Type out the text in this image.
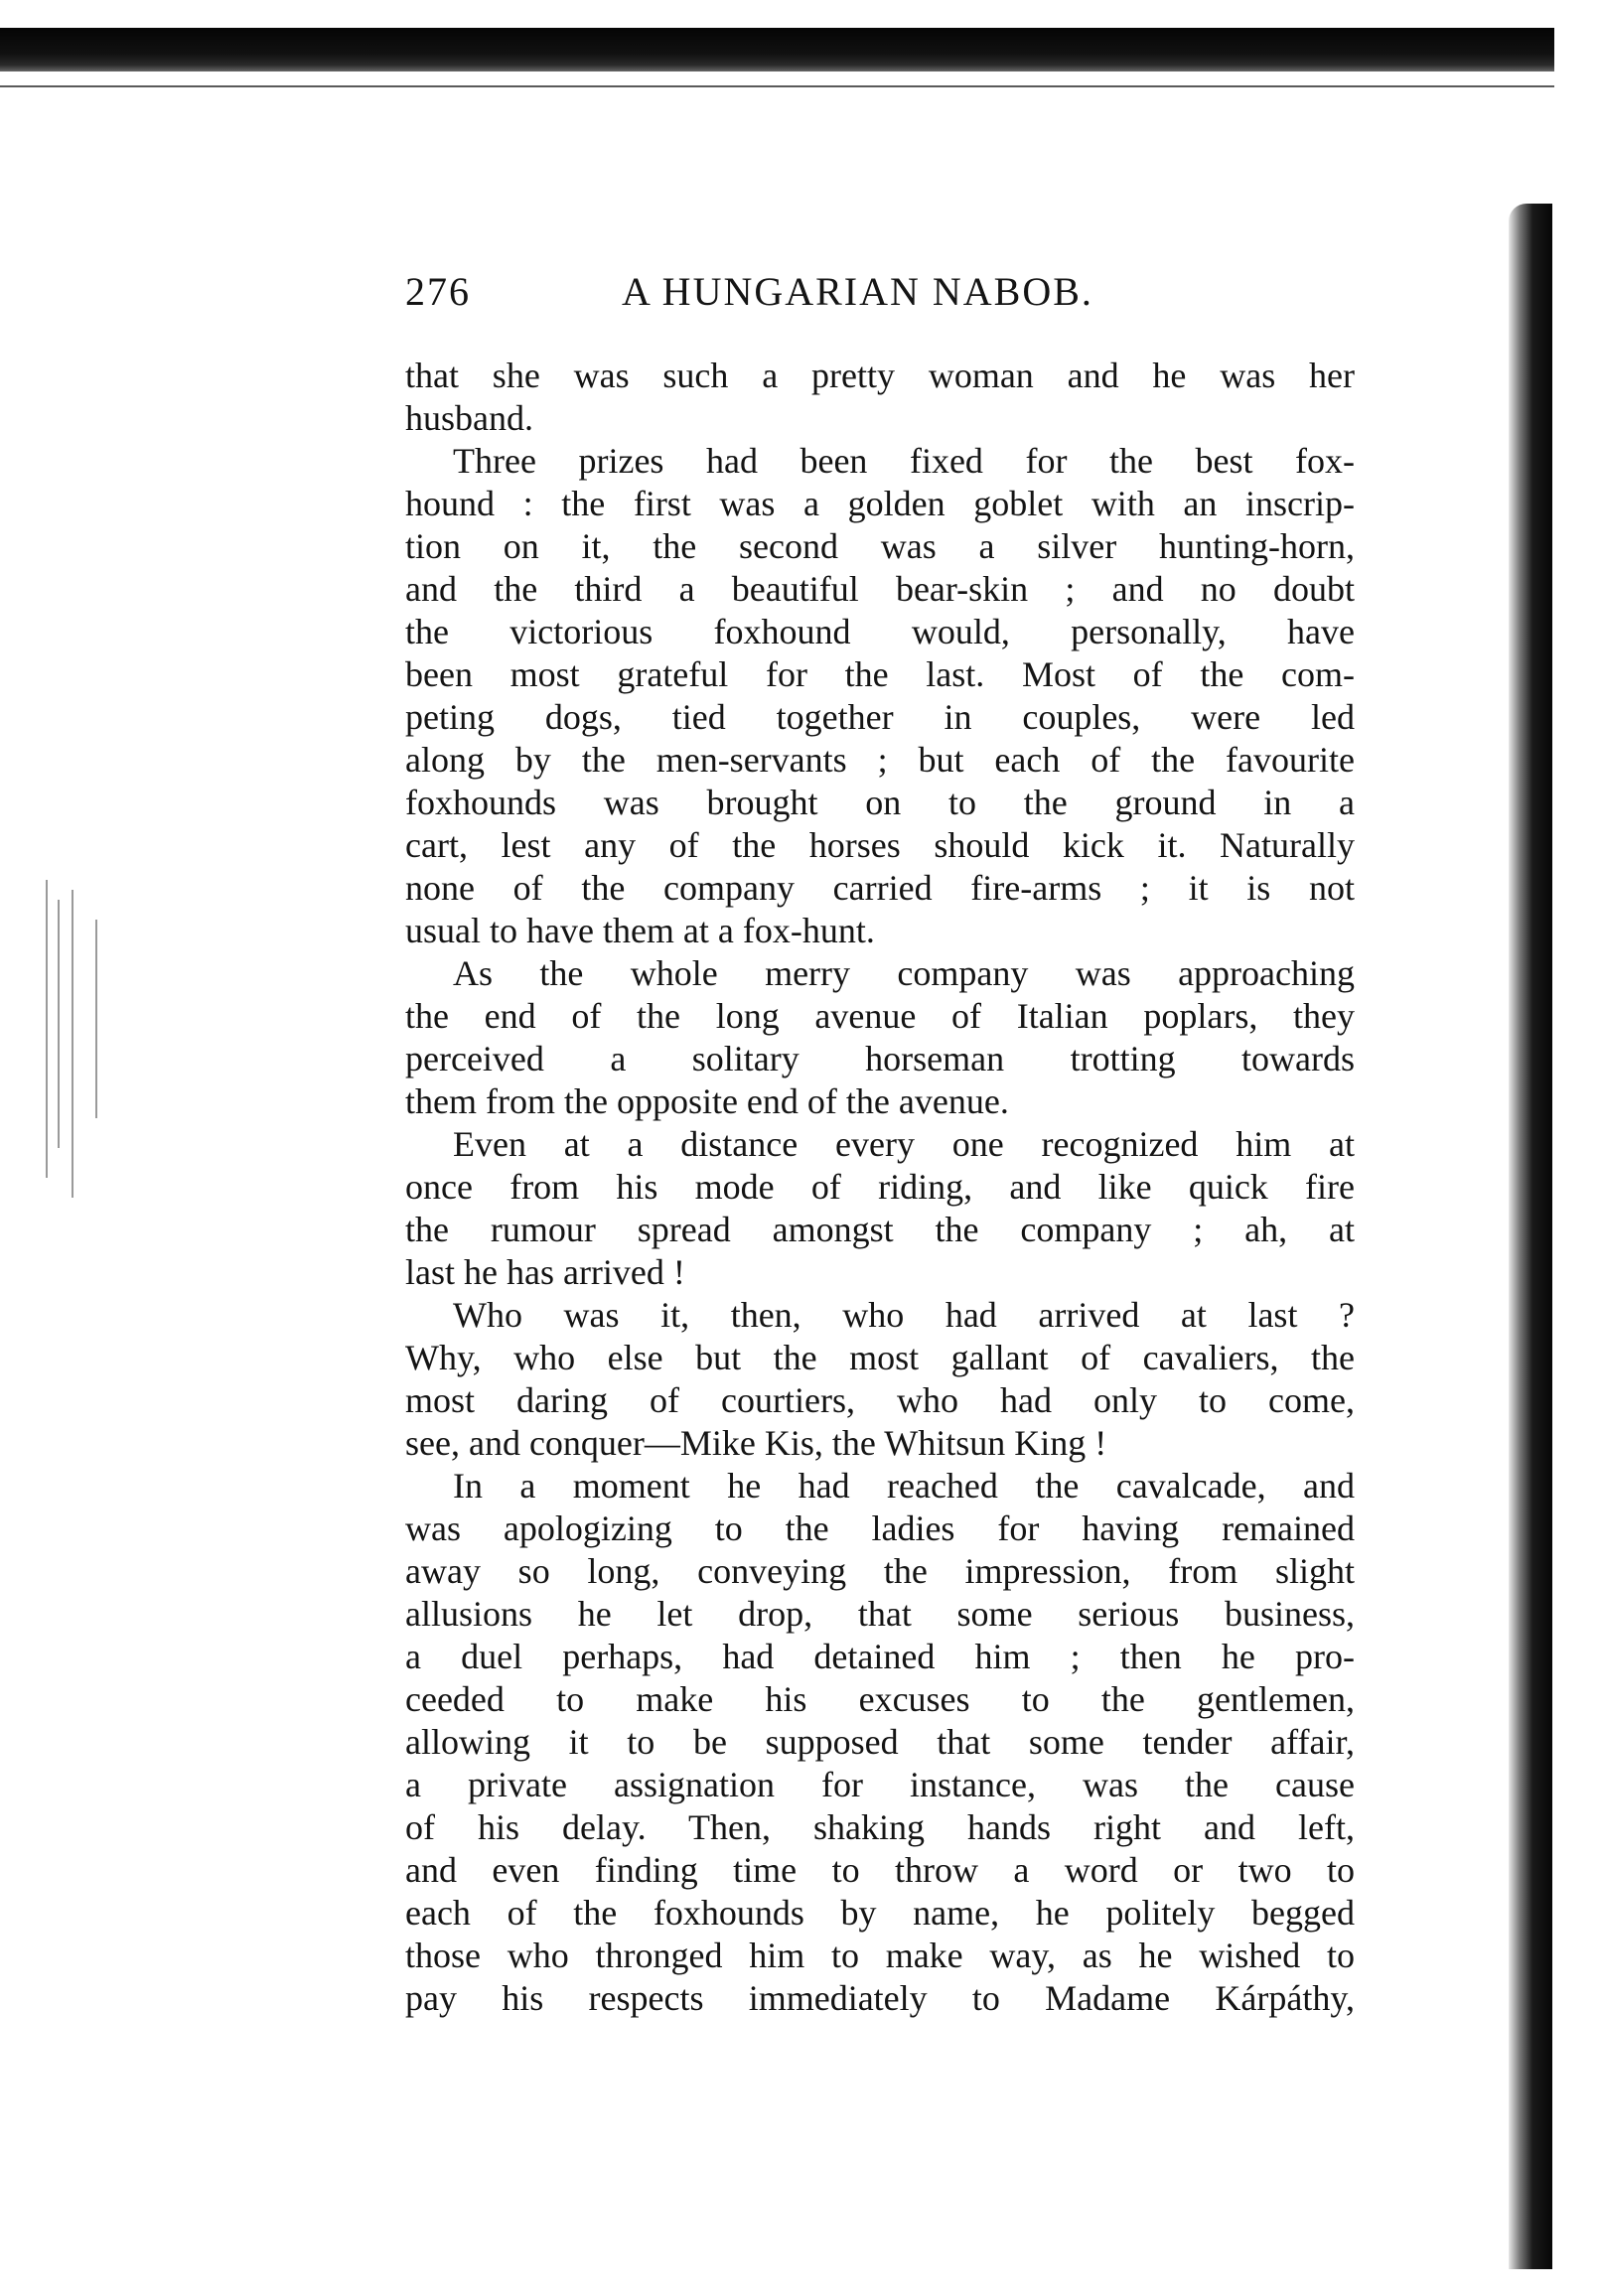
276	A HUNGARIAN NABOB.
that she was such a pretty woman and he was her
husband.
Three prizes had been fixed for the best fox-
hound : the first was a golden goblet with an inscrip-
tion on it, the second was a silver hunting-horn,
and the third a beautiful bear-skin ; and no doubt
the victorious foxhound would, personally, have
been most grateful for the last. Most of the com-
peting dogs, tied together in couples, were led
along by the men-servants ; but each of the favourite
foxhounds was brought on to the ground in a
cart, lest any of the horses should kick it. Naturally
none of the company carried fire-arms ; it is not
usual to have them at a fox-hunt.
As the whole merry company was approaching
the end of the long avenue of Italian poplars, they
perceived a solitary horseman trotting towards
them from the opposite end of the avenue.
Even at a distance every one recognized him at
once from his mode of riding, and like quick fire
the rumour spread amongst the company ; ah, at
last he has arrived !
Who was it, then, who had arrived at last ?
Why, who else but the most gallant of cavaliers, the
most daring of courtiers, who had only to come,
see, and conquer—Mike Kis, the Whitsun King !
In a moment he had reached the cavalcade, and
was apologizing to the ladies for having remained
away so long, conveying the impression, from slight
allusions he let drop, that some serious business,
a duel perhaps, had detained him ; then he pro-
ceeded to make his excuses to the gentlemen,
allowing it to be supposed that some tender affair,
a private assignation for instance, was the cause
of his delay. Then, shaking hands right and left,
and even finding time to throw a word or two to
each of the foxhounds by name, he politely begged
those who thronged him to make way, as he wished to
pay his respects immediately to Madame Kárpáthy,
